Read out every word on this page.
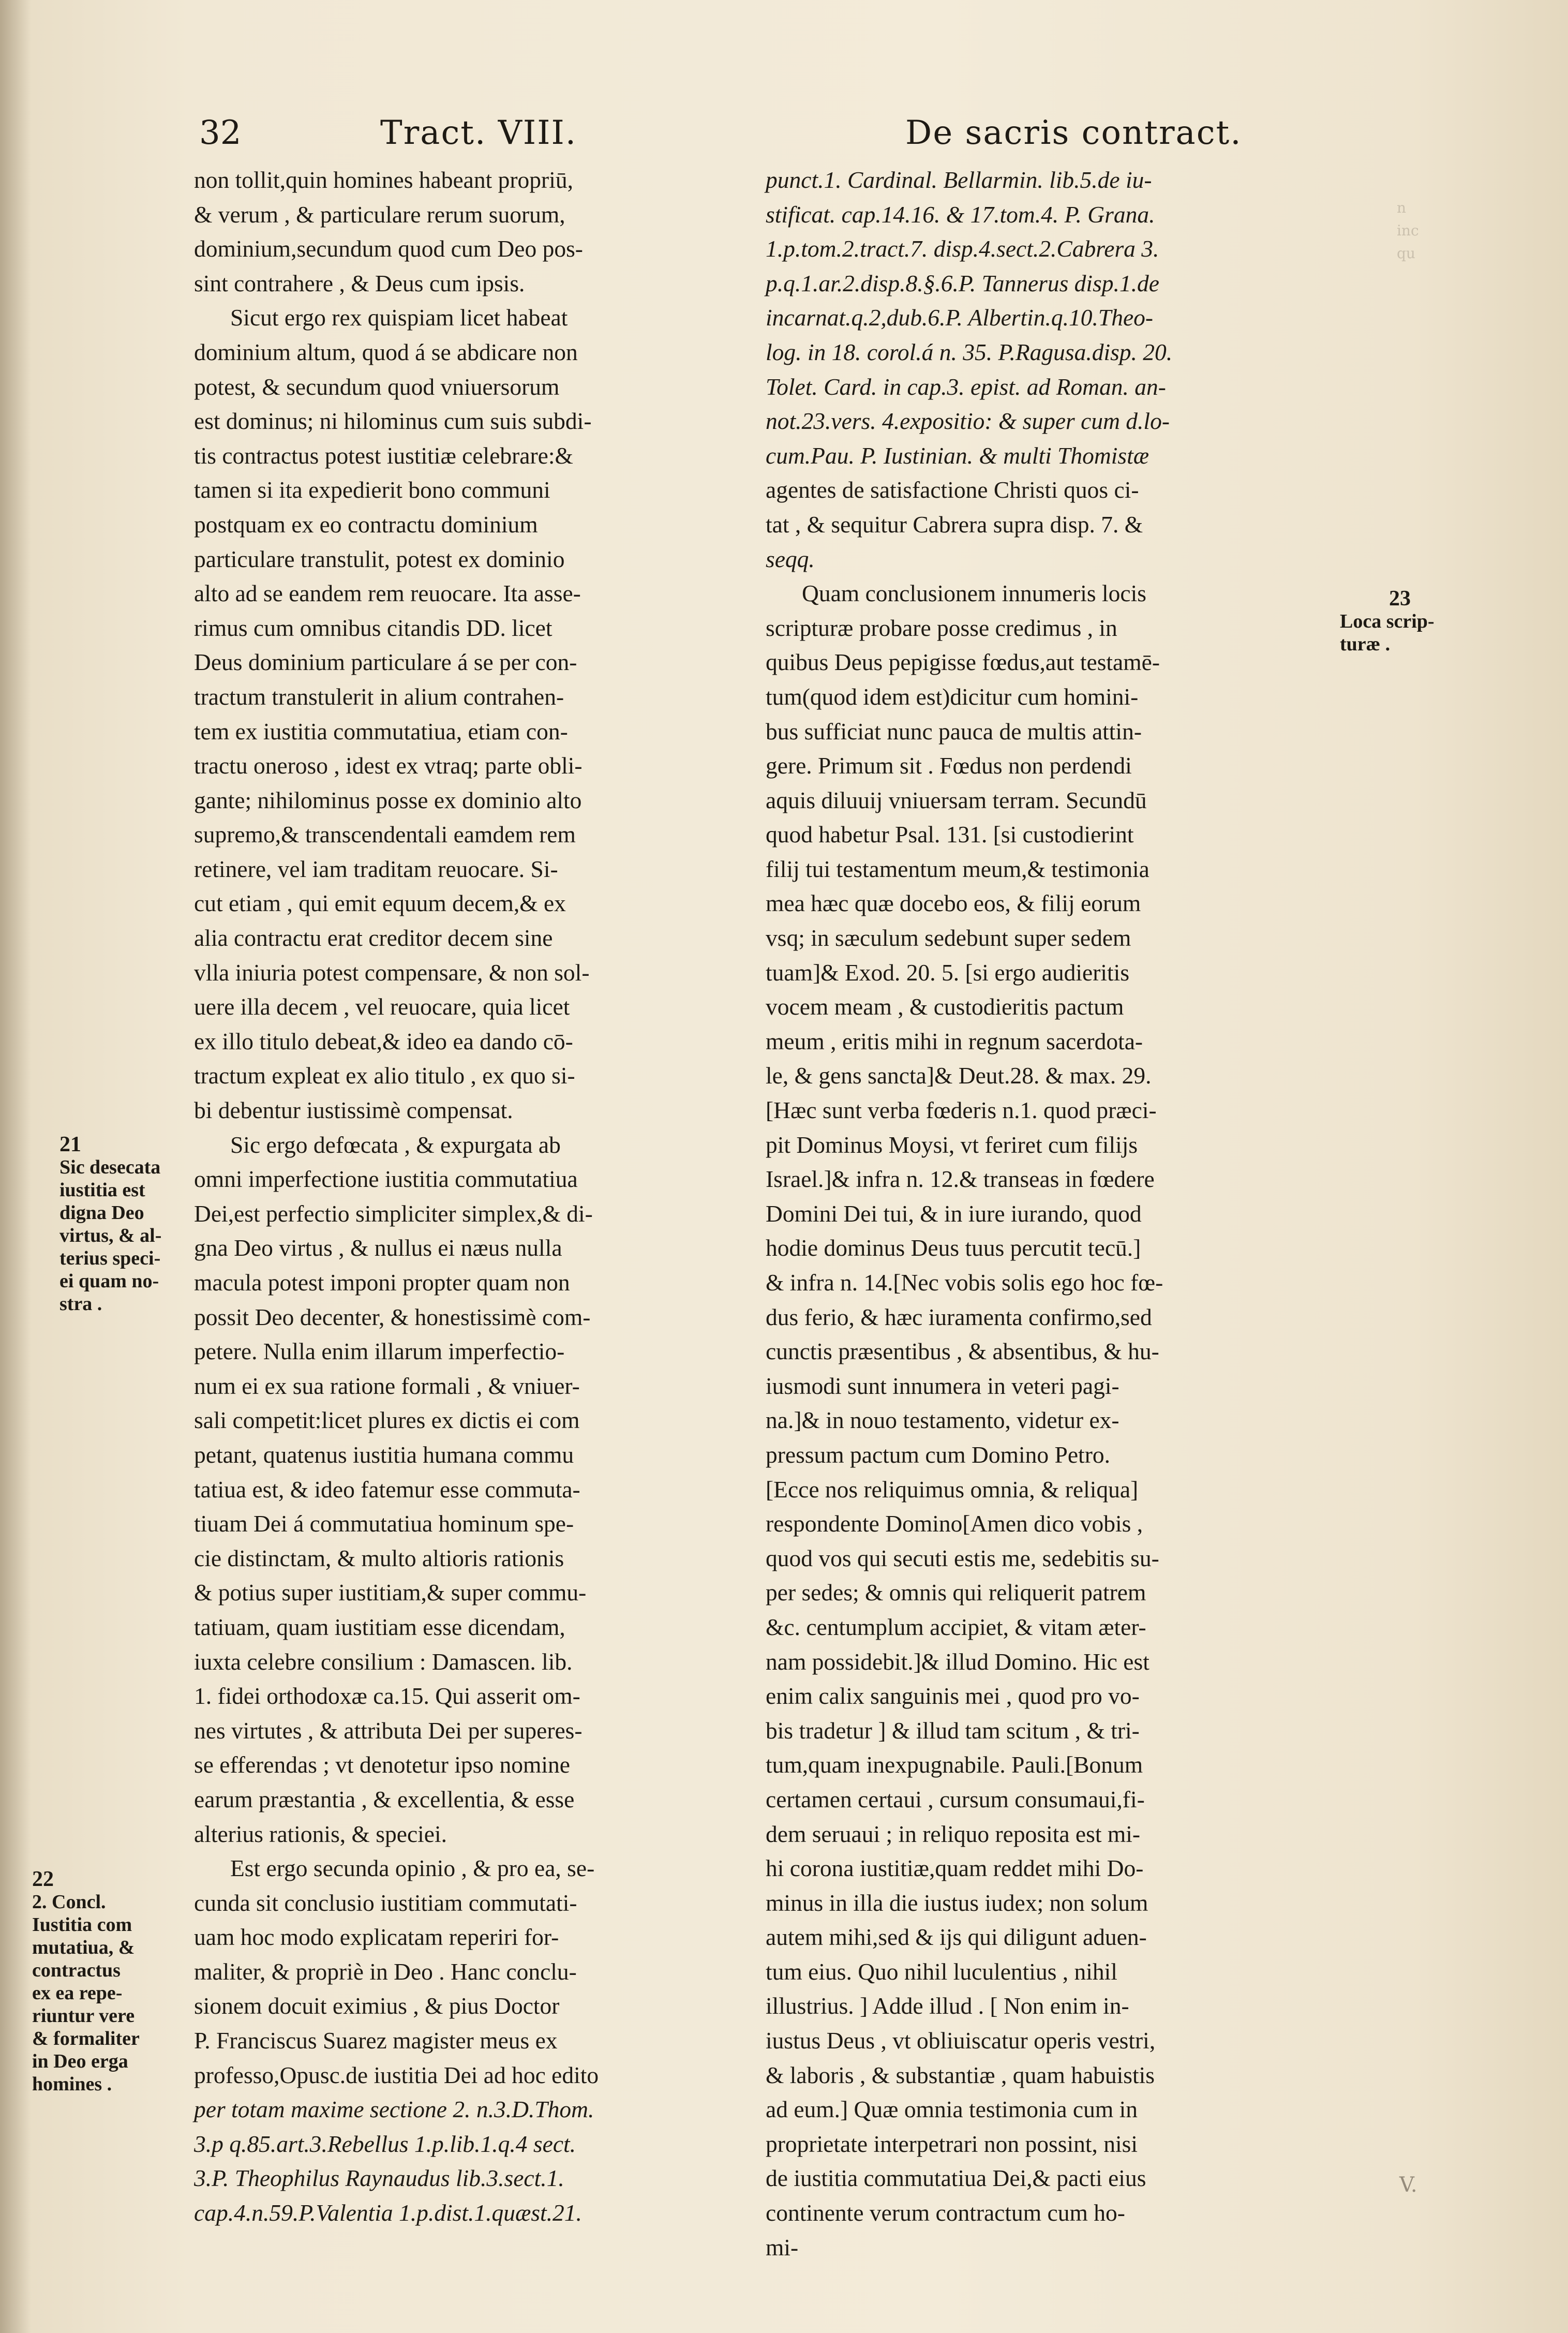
32	Tract. VIII.	De sacris contract.
non tollit,quin homines habeant propriū,
& verum , & particulare rerum suorum,
dominium,secundum quod cum Deo pos-
sint contrahere , & Deus cum ipsis.
Sicut ergo rex quispiam licet habeat
dominium altum, quod á se abdicare non
potest, & secundum quod vniuersorum
est dominus; ni hilominus cum suis subdi-
tis contractus potest iustitiæ celebrare:&
tamen si ita expedierit bono communi
postquam ex eo contractu dominium
particulare transtulit, potest ex dominio
alto ad se eandem rem reuocare. Ita asse-
rimus cum omnibus citandis DD. licet
Deus dominium particulare á se per con-
tractum transtulerit in alium contrahen-
tem ex iustitia commutatiua, etiam con-
tractu oneroso , idest ex vtraq; parte obli-
gante; nihilominus posse ex dominio alto
supremo,& transcendentali eamdem rem
retinere, vel iam traditam reuocare. Si-
cut etiam , qui emit equum decem,& ex
alia contractu erat creditor decem sine
vlla iniuria potest compensare, & non sol-
uere illa decem , vel reuocare, quia licet
ex illo titulo debeat,& ideo ea dando cō-
tractum expleat ex alio titulo , ex quo si-
bi debentur iustissimè compensat.
Sic ergo defœcata , & expurgata ab
omni imperfectione iustitia commutatiua
Dei,est perfectio simpliciter simplex,& di-
gna Deo virtus , & nullus ei næus nulla
macula potest imponi propter quam non
possit Deo decenter, & honestissimè com-
petere. Nulla enim illarum imperfectio-
num ei ex sua ratione formali , & vniuer-
sali competit:licet plures ex dictis ei com
petant, quatenus iustitia humana commu
tatiua est, & ideo fatemur esse commuta-
tiuam Dei á commutatiua hominum spe-
cie distinctam, & multo altioris rationis
& potius super iustitiam,& super commu-
tatiuam, quam iustitiam esse dicendam,
iuxta celebre consilium : Damascen. lib.
1. fidei orthodoxæ ca.15. Qui asserit om-
nes virtutes , & attributa Dei per superes-
se efferendas ; vt denotetur ipso nomine
earum præstantia , & excellentia, & esse
alterius rationis, & speciei.
Est ergo secunda opinio , & pro ea, se-
cunda sit conclusio iustitiam commutati-
uam hoc modo explicatam reperiri for-
maliter, & propriè in Deo . Hanc conclu-
sionem docuit eximius , & pius Doctor
P. Franciscus Suarez magister meus ex
professo,Opusc.de iustitia Dei ad hoc edito
per totam maxime sectione 2. n.3.D.Thom.
3.p q.85.art.3.Rebellus 1.p.lib.1.q.4 sect.
3.P. Theophilus Raynaudus lib.3.sect.1.
cap.4.n.59.P.Valentia 1.p.dist.1.quæst.21.
punct.1. Cardinal. Bellarmin. lib.5.de iu-
stificat. cap.14.16. & 17.tom.4. P. Grana.
1.p.tom.2.tract.7. disp.4.sect.2.Cabrera 3.
p.q.1.ar.2.disp.8.§.6.P. Tannerus disp.1.de
incarnat.q.2,dub.6.P. Albertin.q.10.Theo-
log. in 18. corol.á n. 35. P.Ragusa.disp. 20.
Tolet. Card. in cap.3. epist. ad Roman. an-
not.23.vers. 4.expositio: & super cum d.lo-
cum.Pau. P. Iustinian. & multi Thomistæ
agentes de satisfactione Christi quos ci-
tat , & sequitur Cabrera supra disp. 7. &
seqq.
Quam conclusionem innumeris locis
scripturæ probare posse credimus , in
quibus Deus pepigisse fœdus,aut testamē-
tum(quod idem est)dicitur cum homini-
bus sufficiat nunc pauca de multis attin-
gere. Primum sit . Fœdus non perdendi
aquis diluuij vniuersam terram. Secundū
quod habetur Psal. 131. [si custodierint
filij tui testamentum meum,& testimonia
mea hæc quæ docebo eos, & filij eorum
vsq; in sæculum sedebunt super sedem
tuam]& Exod. 20. 5. [si ergo audieritis
vocem meam , & custodieritis pactum
meum , eritis mihi in regnum sacerdota-
le, & gens sancta]& Deut.28. & max. 29.
[Hæc sunt verba fœderis n.1. quod præci-
pit Dominus Moysi, vt feriret cum filijs
Israel.]& infra n. 12.& transeas in fœdere
Domini Dei tui, & in iure iurando, quod
hodie dominus Deus tuus percutit tecū.]
& infra n. 14.[Nec vobis solis ego hoc fœ-
dus ferio, & hæc iuramenta confirmo,sed
cunctis præsentibus , & absentibus, & hu-
iusmodi sunt innumera in veteri pagi-
na.]& in nouo testamento, videtur ex-
pressum pactum cum Domino Petro.
[Ecce nos reliquimus omnia, & reliqua]
respondente Domino[Amen dico vobis ,
quod vos qui secuti estis me, sedebitis su-
per sedes; & omnis qui reliquerit patrem
&c. centumplum accipiet, & vitam æter-
nam possidebit.]& illud Domino. Hic est
enim calix sanguinis mei , quod pro vo-
bis tradetur ] & illud tam scitum , & tri-
tum,quam inexpugnabile. Pauli.[Bonum
certamen certaui , cursum consumaui,fi-
dem seruaui ; in reliquo reposita est mi-
hi corona iustitiæ,quam reddet mihi Do-
minus in illa die iustus iudex; non solum
autem mihi,sed & ijs qui diligunt aduen-
tum eius. Quo nihil luculentius , nihil
illustrius. ] Adde illud . [ Non enim in-
iustus Deus , vt obliuiscatur operis vestri,
& laboris , & substantiæ , quam habuistis
ad eum.] Quæ omnia testimonia cum in
proprietate interpetrari non possint, nisi
de iustitia commutatiua Dei,& pacti eius
continente verum contractum cum ho-
mi-
21
Sic desecata
iustitia est
digna Deo
virtus, & al-
terius speci-
ei quam no-
stra .
22
2. Concl.
Iustitia com
mutatiua, &
contractus
ex ea repe-
riuntur vere
& formaliter
in Deo erga
homines .
23
Loca scrip-
turæ .
n
inc
qu
V.
